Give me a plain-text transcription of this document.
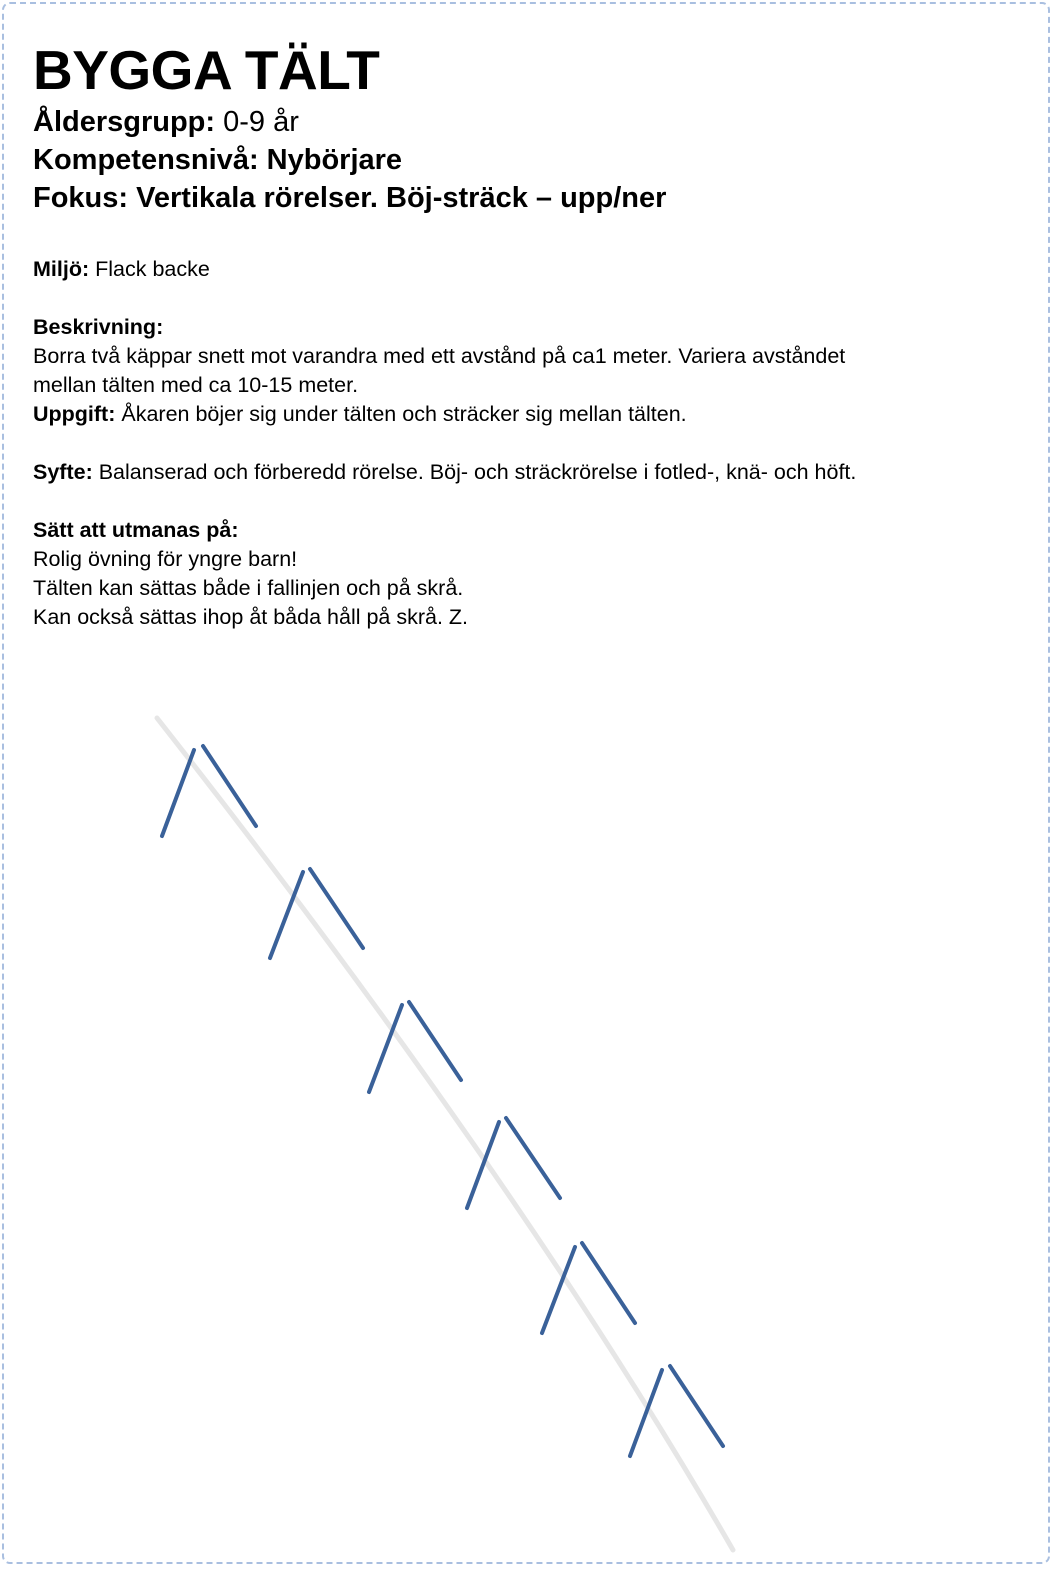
BYGGA TÄLT

Åldersgrupp: 0-9 år

Kompetensnivå: Nybörjare

Fokus: Vertikala rörelser. Böj-sträck – upp/ner

Miljö: Flack backe

Beskrivning:

Borra två käppar snett mot varandra med ett avstånd på ca1 meter. Variera avståndet

mellan tälten med ca 10-15 meter.

Uppgift: Åkaren böjer sig under tälten och sträcker sig mellan tälten.

Syfte: Balanserad och förberedd rörelse. Böj- och sträckrörelse i fotled-, knä- och höft.

Sätt att utmanas på:

Rolig övning för yngre barn!

Tälten kan sättas både i fallinjen och på skrå.

Kan också sättas ihop åt båda håll på skrå. Z.
